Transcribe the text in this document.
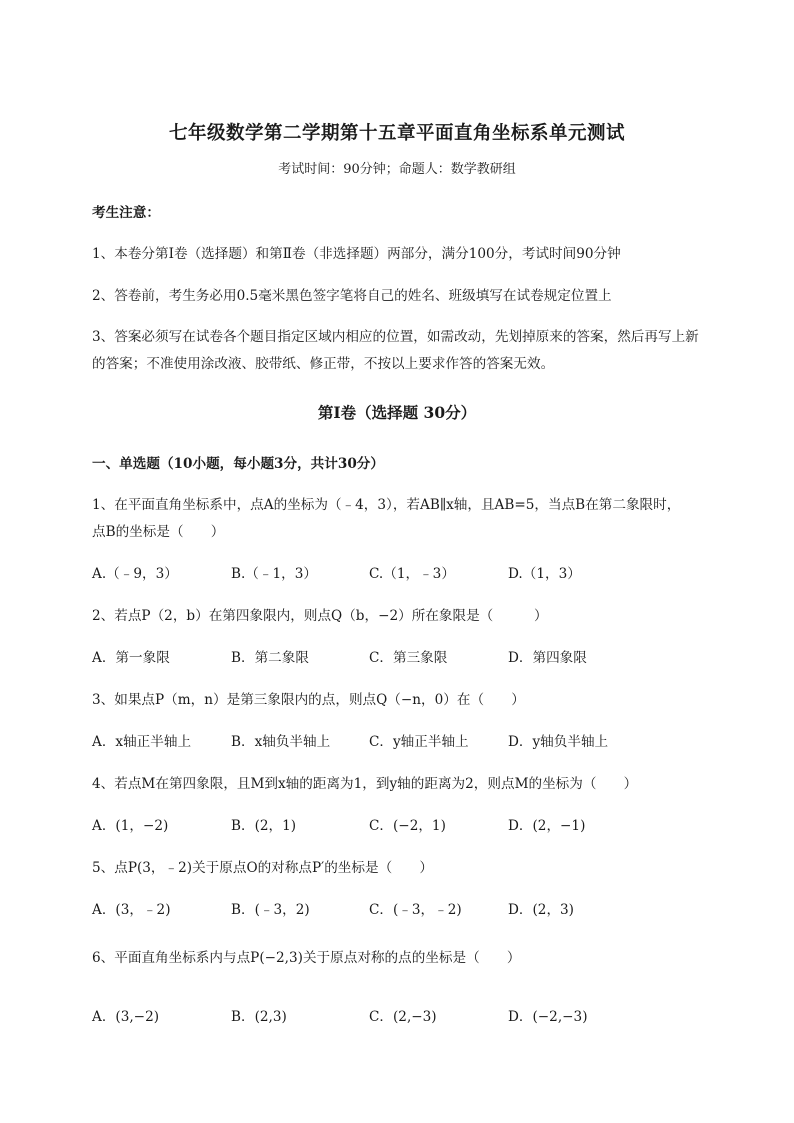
七年级数学第二学期第十五章平面直角坐标系单元测试
考试时间：90分钟；命题人：数学教研组
考生注意：
1、本卷分第Ⅰ卷（选择题）和第Ⅱ卷（非选择题）两部分，满分100分，考试时间90分钟
2、答卷前，考生务必用0.5毫米黑色签字笔将自己的姓名、班级填写在试卷规定位置上
3、答案必须写在试卷各个题目指定区域内相应的位置，如需改动，先划掉原来的答案，然后再写上新
的答案；不准使用涂改液、胶带纸、修正带，不按以上要求作答的答案无效。
第Ⅰ卷（选择题 30分）
一、单选题（10小题，每小题3分，共计30分）
1、在平面直角坐标系中，点A的坐标为（﹣4，3），若AB∥x轴，且AB=5，当点B在第二象限时，
点B的坐标是（　　）
A.（﹣9，3）	B.（﹣1，3）	C.（1，﹣3）	D.（1，3）
2、若点P（2，b）在第四象限内，则点Q（b，−2）所在象限是（　　　）
A．第一象限	B．第二象限	C．第三象限	D．第四象限
3、如果点P（m，n）是第三象限内的点，则点Q（−n，0）在（　　）
A．x轴正半轴上	B．x轴负半轴上	C．y轴正半轴上	D．y轴负半轴上
4、若点M在第四象限，且M到x轴的距离为1，到y轴的距离为2，则点M的坐标为（　　）
A．(1，−2)	B．(2，1)	C．(−2，1)	D．(2，−1)
5、点P(3，﹣2)关于原点O的对称点P′的坐标是（　　）
A．(3，﹣2)	B．(﹣3，2)	C．(﹣3，﹣2)	D．(2，3)
6、平面直角坐标系内与点P(−2,3)关于原点对称的点的坐标是（　　）
A．(3,−2)	B．(2,3)	C．(2,−3)	D．(−2,−3)
